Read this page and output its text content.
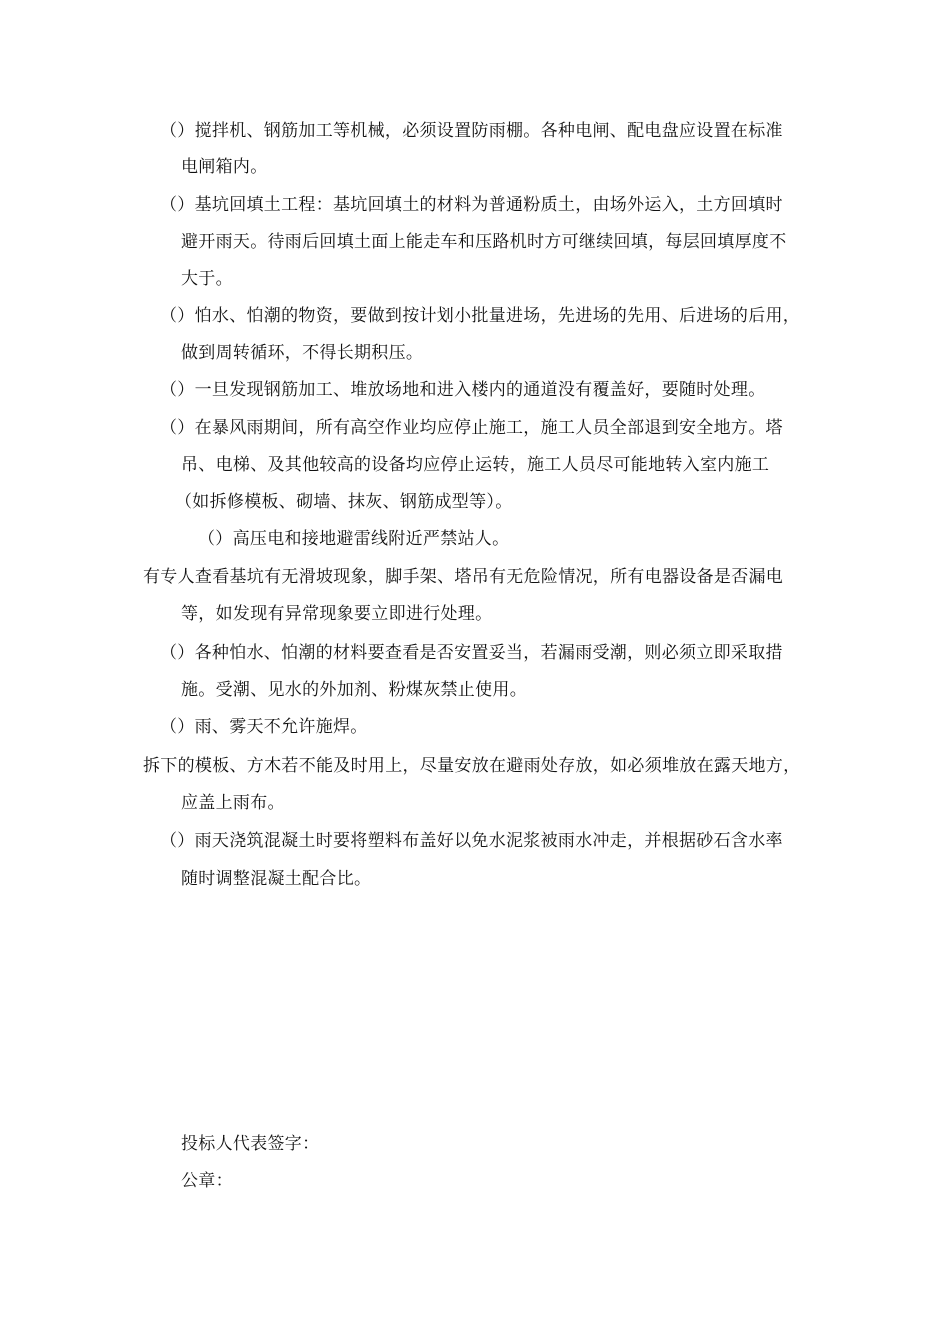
（）搅拌机、钢筋加工等机械，必须设置防雨棚。各种电闸、配电盘应设置在标准
电闸箱内。
（）基坑回填土工程：基坑回填土的材料为普通粉质土，由场外运入，土方回填时
避开雨天。待雨后回填土面上能走车和压路机时方可继续回填，每层回填厚度不
大于。
（）怕水、怕潮的物资，要做到按计划小批量进场，先进场的先用、后进场的后用，
做到周转循环，不得长期积压。
（）一旦发现钢筋加工、堆放场地和进入楼内的通道没有覆盖好，要随时处理。
（）在暴风雨期间，所有高空作业均应停止施工，施工人员全部退到安全地方。塔
吊、电梯、及其他较高的设备均应停止运转，施工人员尽可能地转入室内施工
（如拆修模板、砌墙、抹灰、钢筋成型等）。
（）高压电和接地避雷线附近严禁站人。
有专人查看基坑有无滑坡现象，脚手架、塔吊有无危险情况，所有电器设备是否漏电
等，如发现有异常现象要立即进行处理。
（）各种怕水、怕潮的材料要查看是否安置妥当，若漏雨受潮，则必须立即采取措
施。受潮、见水的外加剂、粉煤灰禁止使用。
（）雨、雾天不允许施焊。
拆下的模板、方木若不能及时用上，尽量安放在避雨处存放，如必须堆放在露天地方，
应盖上雨布。
（）雨天浇筑混凝土时要将塑料布盖好以免水泥浆被雨水冲走，并根据砂石含水率
随时调整混凝土配合比。
投标人代表签字：
公章：
